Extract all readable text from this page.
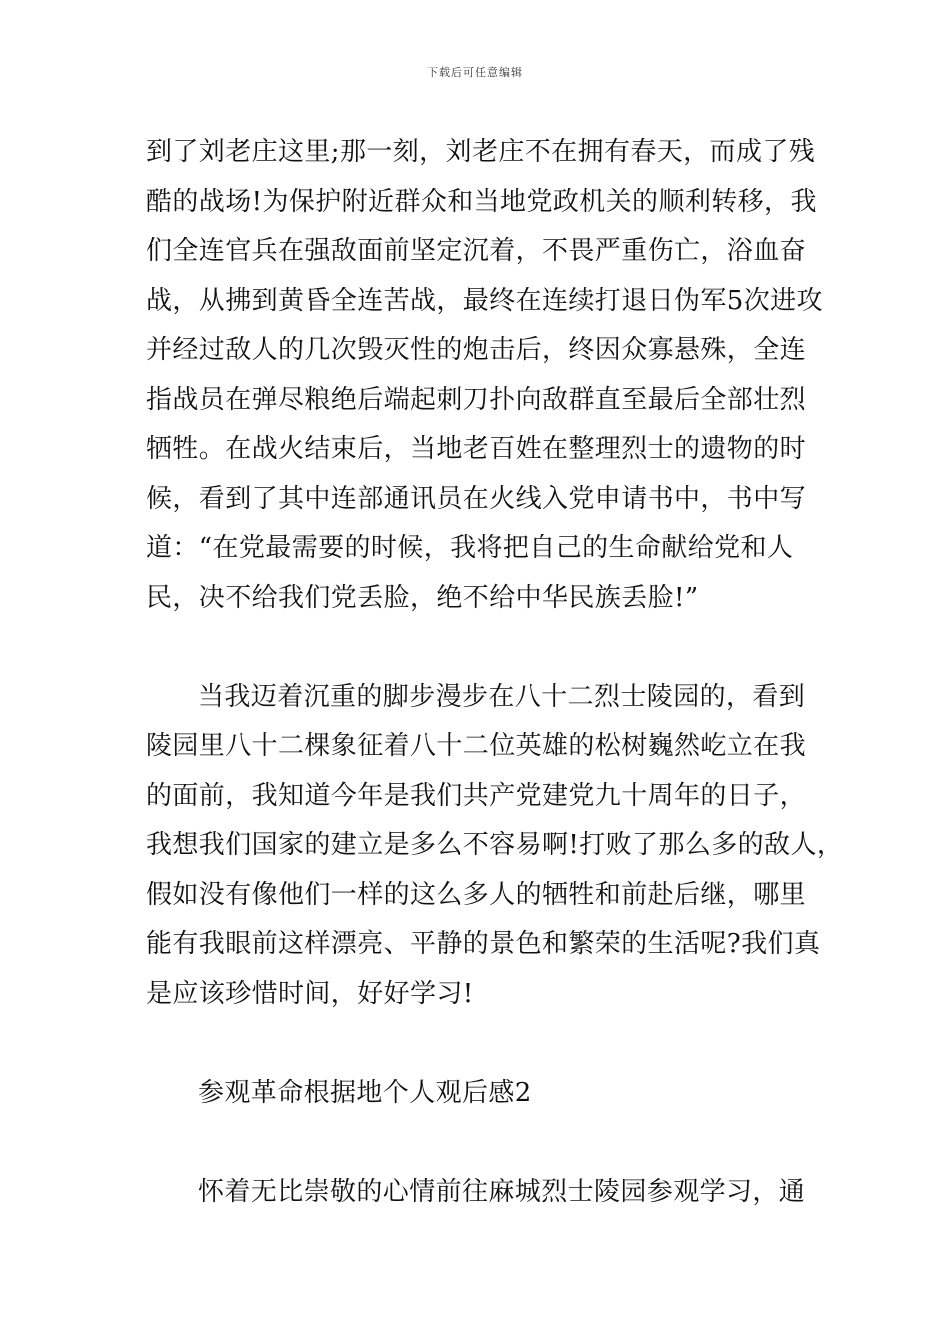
下载后可任意编辑
到了刘老庄这里;那一刻，刘老庄不在拥有春天，而成了残
酷的战场!为保护附近群众和当地党政机关的顺利转移，我
们全连官兵在强敌面前坚定沉着，不畏严重伤亡，浴血奋
战，从拂到黄昏全连苦战，最终在连续打退日伪军5次进攻
并经过敌人的几次毁灭性的炮击后，终因众寡悬殊，全连
指战员在弹尽粮绝后端起刺刀扑向敌群直至最后全部壮烈
牺牲。在战火结束后，当地老百姓在整理烈士的遗物的时
候，看到了其中连部通讯员在火线入党申请书中，书中写
道：“在党最需要的时候，我将把自己的生命献给党和人
民，决不给我们党丢脸，绝不给中华民族丢脸!”
当我迈着沉重的脚步漫步在八十二烈士陵园的，看到
陵园里八十二棵象征着八十二位英雄的松树巍然屹立在我
的面前，我知道今年是我们共产党建党九十周年的日子，
我想我们国家的建立是多么不容易啊!打败了那么多的敌人，
假如没有像他们一样的这么多人的牺牲和前赴后继，哪里
能有我眼前这样漂亮、平静的景色和繁荣的生活呢?我们真
是应该珍惜时间，好好学习!
参观革命根据地个人观后感2
怀着无比崇敬的心情前往麻城烈士陵园参观学习，通
